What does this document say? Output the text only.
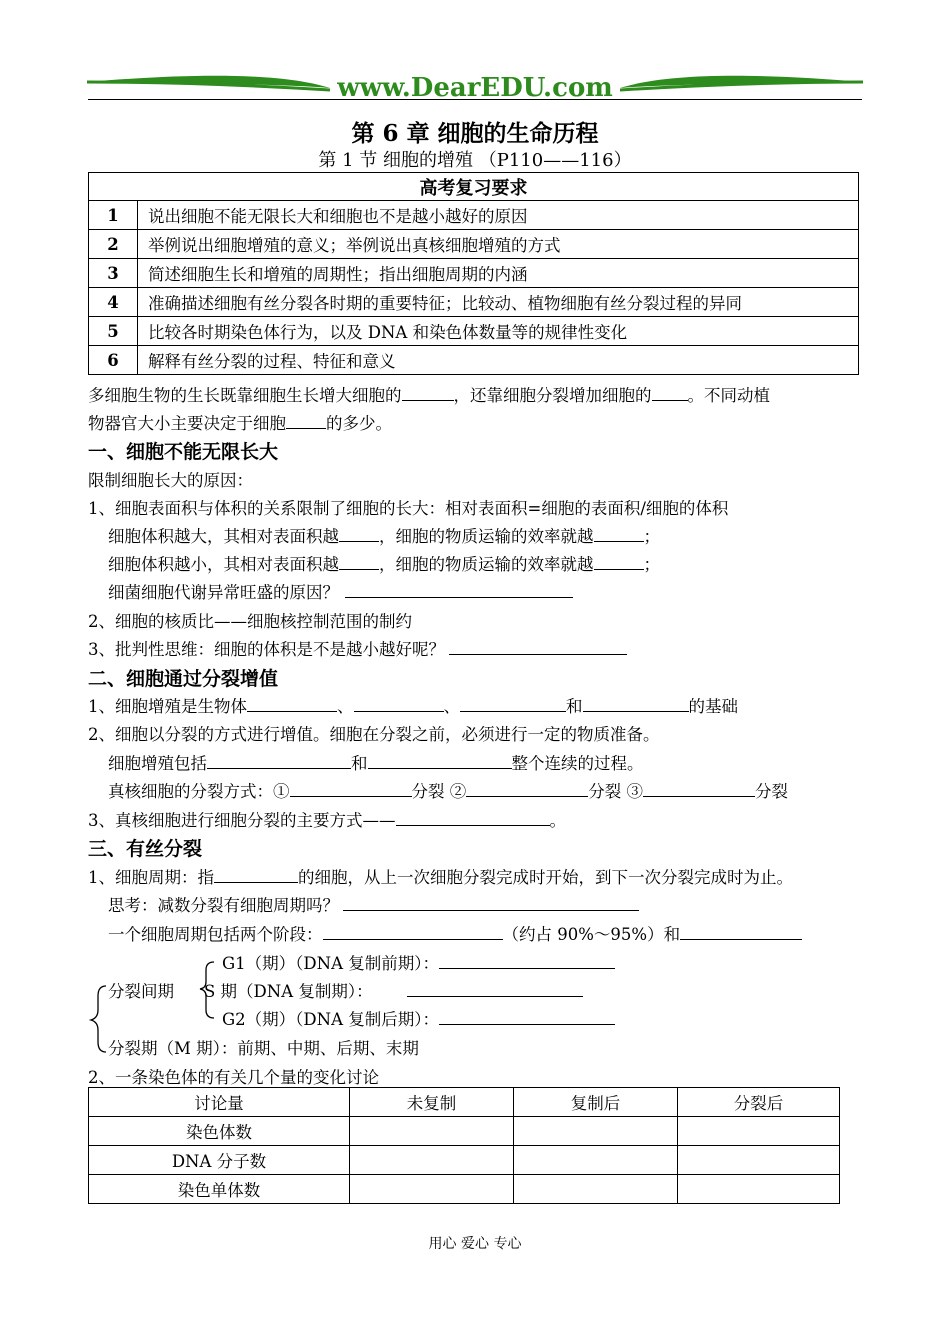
www.DearEDU.com
第 6 章 细胞的生命历程
第 1 节 细胞的增殖 （P110——116）
高考复习要求	
1	说出细胞不能无限长大和细胞也不是越小越好的原因
2	举例说出细胞增殖的意义；举例说出真核细胞增殖的方式
3	简述细胞生长和增殖的周期性；指出细胞周期的内涵
4	准确描述细胞有丝分裂各时期的重要特征；比较动、植物细胞有丝分裂过程的异同
5	比较各时期染色体行为，以及 DNA 和染色体数量等的规律性变化
6	解释有丝分裂的过程、特征和意义
多细胞生物的生长既靠细胞生长增大细胞的	，还靠细胞分裂增加细胞的 。不同动植
物器官大小主要决定于细胞 的多少。
一、细胞不能无限长大
限制细胞长大的原因：
1、细胞表面积与体积的关系限制了细胞的长大：相对表面积=细胞的表面积/细胞的体积
细胞体积越大，其相对表面积越 ，细胞的物质运输的效率就越	；
细胞体积越小，其相对表面积越 ，细胞的物质运输的效率就越	；
细菌细胞代谢异常旺盛的原因？
2、细胞的核质比——细胞核控制范围的制约
3、批判性思维：细胞的体积是不是越小越好呢？
二、细胞通过分裂增值
1、细胞增殖是生物体	、	、	和	的基础
2、细胞以分裂的方式进行增值。细胞在分裂之前，必须进行一定的物质准备。
细胞增殖包括	和	整个连续的过程。
真核细胞的分裂方式：①	分裂 ②	分裂 ③	分裂
3、真核细胞进行细胞分裂的主要方式——	。
三、有丝分裂
1、细胞周期：指	的细胞，从上一次细胞分裂完成时开始，到下一次分裂完成时为止。
思考：减数分裂有细胞周期吗？
一个细胞周期包括两个阶段：	（约占 90%～95%）和
G1（期）（DNA 复制前期）：
分裂间期 S 期（DNA 复制期）：
G2（期）（DNA 复制后期）：
分裂期（M 期）：前期、中期、后期、末期
2、一条染色体的有关几个量的变化讨论
讨论量	未复制	复制后	分裂后
染色体数			
DNA 分子数			
染色单体数			
用心 爱心 专心
